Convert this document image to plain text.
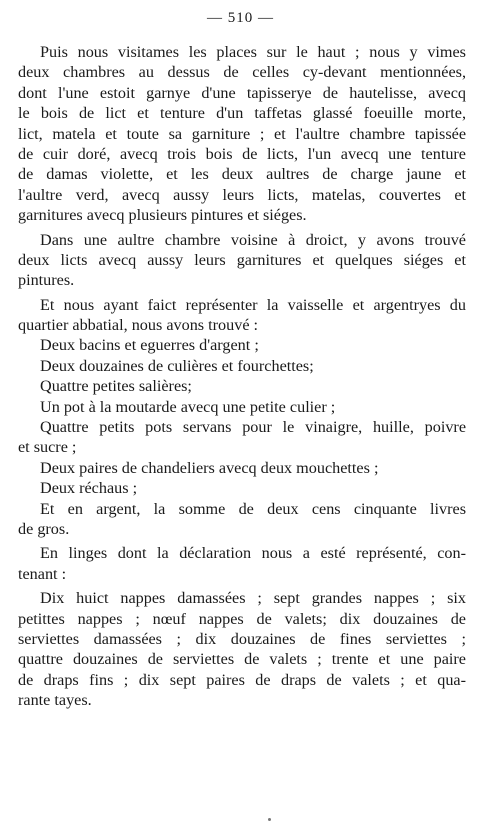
— 510 —
Puis nous visitames les places sur le haut ; nous y vimes
deux chambres au dessus de celles cy-devant mentionnées,
dont l'une estoit garnye d'une tapisserye de hautelisse, avecq
le bois de lict et tenture d'un taffetas glassé foeuille morte,
lict, matela et toute sa garniture ; et l'aultre chambre tapissée
de cuir doré, avecq trois bois de licts, l'un avecq une tenture
de damas violette, et les deux aultres de charge jaune et
l'aultre verd, avecq aussy leurs licts, matelas, couvertes et
garnitures avecq plusieurs pintures et siéges.
Dans une aultre chambre voisine à droict, y avons trouvé
deux licts avecq aussy leurs garnitures et quelques siéges et
pintures.
Et nous ayant faict représenter la vaisselle et argentryes du
quartier abbatial, nous avons trouvé :
Deux bacins et eguerres d'argent ;
Deux douzaines de culières et fourchettes;
Quattre petites salières;
Un pot à la moutarde avecq une petite culier ;
Quattre petits pots servans pour le vinaigre, huille, poivre
et sucre ;
Deux paires de chandeliers avecq deux mouchettes ;
Deux réchaus ;
Et en argent, la somme de deux cens cinquante livres
de gros.
En linges dont la déclaration nous a esté représenté, con-
tenant :
Dix huict nappes damassées ; sept grandes nappes ; six
petittes nappes ; nœuf nappes de valets; dix douzaines de
serviettes damassées ; dix douzaines de fines serviettes ;
quattre douzaines de serviettes de valets ; trente et une paire
de draps fins ; dix sept paires de draps de valets ; et qua-
rante tayes.
